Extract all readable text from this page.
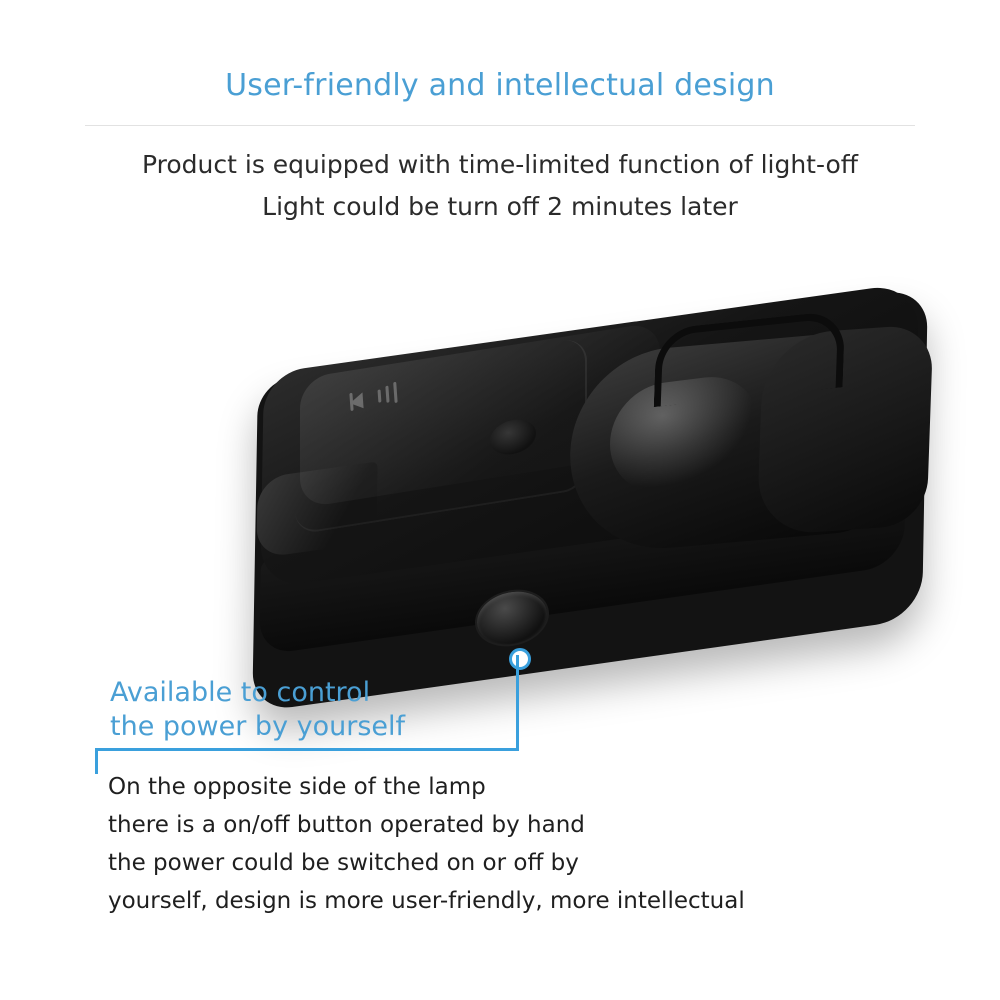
User-friendly and intellectual design
Product is equipped with time-limited function of light-off
Light could be turn off 2 minutes later
Available to control
the power by yourself
On the opposite side of the lamp
there is a on/off button operated by hand
the power could be switched on or off by
yourself, design is more user-friendly, more intellectual
